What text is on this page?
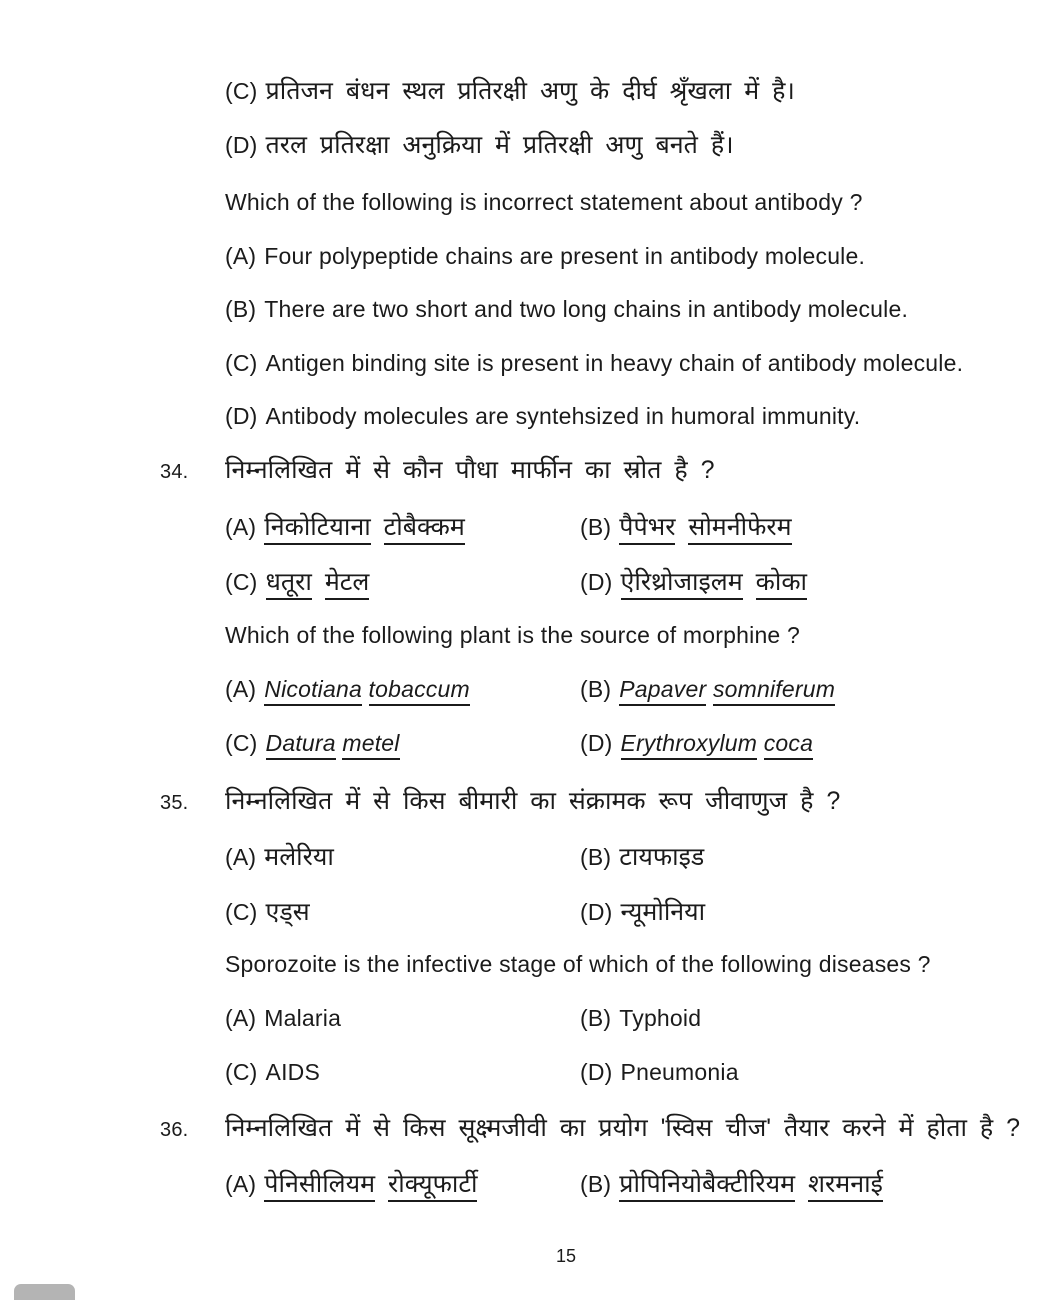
(C) प्रतिजन बंधन स्थल प्रतिरक्षी अणु के दीर्घ श्रृँखला में है।
(D) तरल प्रतिरक्षा अनुक्रिया में प्रतिरक्षी अणु बनते हैं।
Which of the following is incorrect statement about antibody ?
(A) Four polypeptide chains are present in antibody molecule.
(B) There are two short and two long chains in antibody molecule.
(C) Antigen binding site is present in heavy chain of antibody molecule.
(D) Antibody molecules are syntehsized in humoral immunity.
34. निम्नलिखित में से कौन पौधा मार्फीन का स्रोत है ?
(A) निकोटियाना टोबैक्कम	(B) पैपेभर सोमनीफेरम
(C) धतूरा मेटल	(D) ऐरिथ्रोजाइलम कोका
Which of the following plant is the source of morphine ?
(A) Nicotiana tobaccum	(B) Papaver somniferum
(C) Datura metel	(D) Erythroxylum coca
35. निम्नलिखित में से किस बीमारी का संक्रामक रूप जीवाणुज है ?
(A) मलेरिया	(B) टायफाइड
(C) एड्स	(D) न्यूमोनिया
Sporozoite is the infective stage of which of the following diseases ?
(A) Malaria	(B) Typhoid
(C) AIDS	(D) Pneumonia
36. निम्नलिखित में से किस सूक्ष्मजीवी का प्रयोग 'स्विस चीज' तैयार करने में होता है ?
(A) पेनिसीलियम रोक्यूफार्टी	(B) प्रोपिनियोबैक्टीरियम शरमनाई
15
